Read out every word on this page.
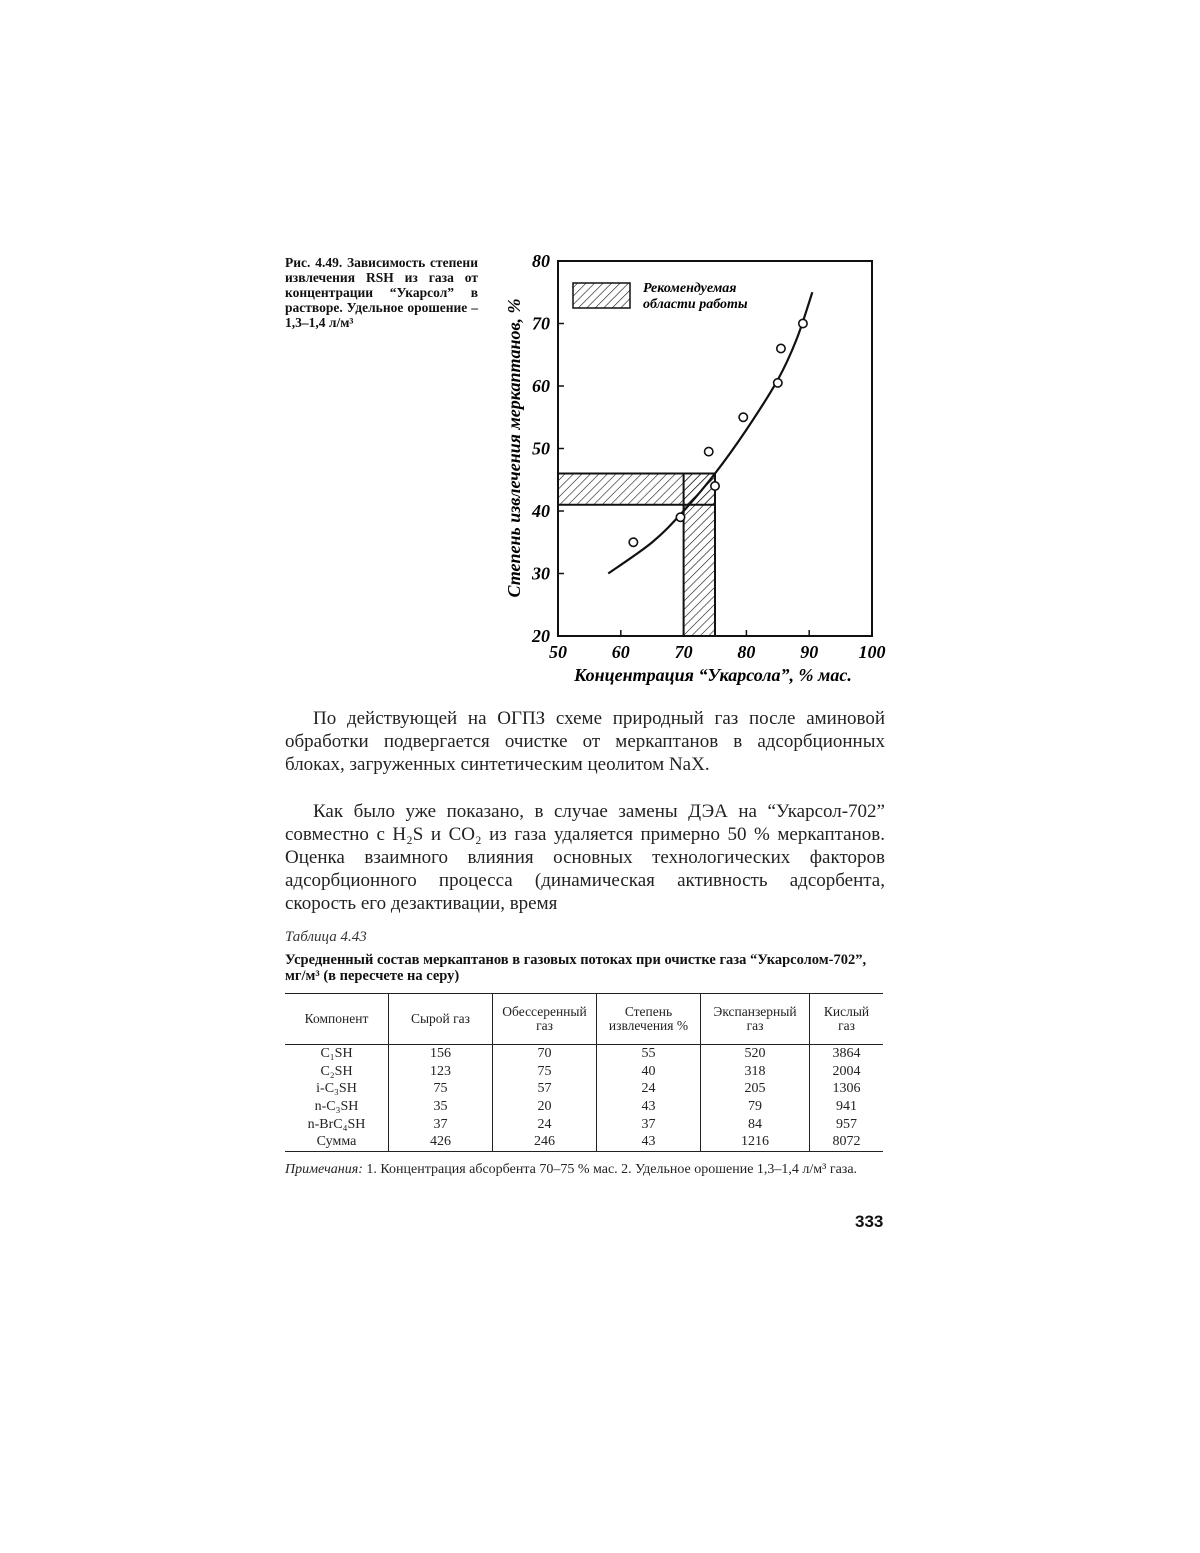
Рис. 4.49. Зависимость степени извлечения RSH из газа от концентрации “Укарсол” в растворе. Удельное орошение – 1,3–1,4 л/м³
50 60 70 80 90 100
20
30
40
50
60
70
80
Рекомендуемая
области работы
Степень извлечения меркаптанов, %
Концентрация “Укарсола”, % мас.

По действующей на ОГПЗ схеме природный газ после аминовой обработки подвергается очистке от меркаптанов в адсорбционных блоках, загруженных синтетическим цеолитом NaX.

Как было уже показано, в случае замены ДЭА на “Укарсол-702” совместно с H₂S и CO₂ из газа удаляется примерно 50 % меркаптанов. Оценка взаимного влияния основных технологических факторов адсорбционного процесса (динамическая активность адсорбента, скорость его дезактивации, время

Таблица 4.43
Усредненный состав меркаптанов в газовых потоках при очистке газа “Укарсолом-702”, мг/м³ (в пересчете на серу)
Компонент	Сырой газ	Обессеренный газ	Степень извлечения %	Экспанзерный газ	Кислый газ
C₁SH	156	70	55	520	3864
C₂SH	123	75	40	318	2004
i-C₃SH	75	57	24	205	1306
n-C₃SH	35	20	43	79	941
n-BrC₄SH	37	24	37	84	957
Сумма	426	246	43	1216	8072
Примечания: 1. Концентрация абсорбента 70–75 % мас. 2. Удельное орошение 1,3–1,4 л/м³ газа.
333
